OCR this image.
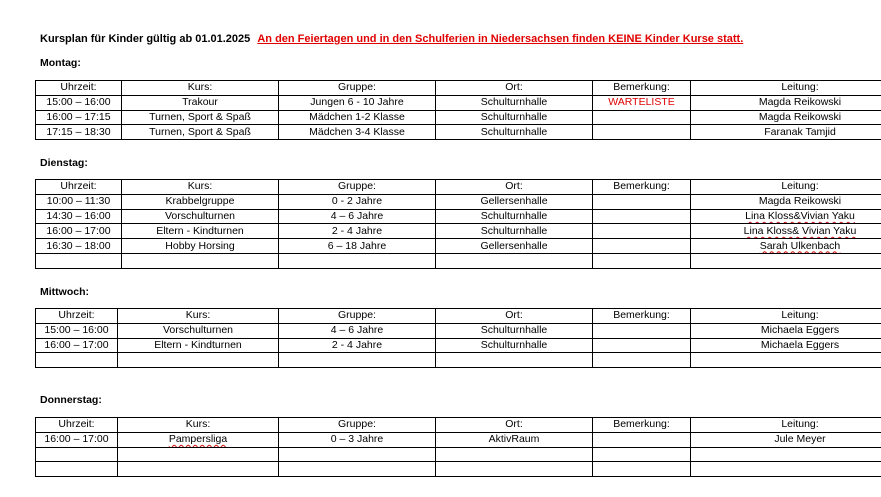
Kursplan für Kinder gültig ab 01.01.2025 An den Feiertagen und in den Schulferien in Niedersachsen finden KEINE Kinder Kurse statt.
Montag:
Uhrzeit:	Kurs:	Gruppe:	Ort:	Bemerkung:	Leitung:
15:00 – 16:00	Trakour	Jungen 6 - 10 Jahre	Schulturnhalle	WARTELISTE	Magda Reikowski
16:00 – 17:15	Turnen, Sport & Spaß	Mädchen 1-2 Klasse	Schulturnhalle		Magda Reikowski
17:15 – 18:30	Turnen, Sport & Spaß	Mädchen 3-4 Klasse	Schulturnhalle		Faranak Tamjid
Dienstag:
Uhrzeit:	Kurs:	Gruppe:	Ort:	Bemerkung:	Leitung:
10:00 – 11:30	Krabbelgruppe	0 - 2 Jahre	Gellersenhalle		Magda Reikowski
14:30 – 16:00	Vorschulturnen	4 – 6 Jahre	Schulturnhalle		Lina Kloss&Vivian Yaku
16:00 – 17:00	Eltern - Kindturnen	2 - 4 Jahre	Schulturnhalle		Lina Kloss& Vivian Yaku
16:30 – 18:00	Hobby Horsing	6 – 18 Jahre	Gellersenhalle		Sarah Ulkenbach

Mittwoch:
Uhrzeit:	Kurs:	Gruppe:	Ort:	Bemerkung:	Leitung:
15:00 – 16:00	Vorschulturnen	4 – 6 Jahre	Schulturnhalle		Michaela Eggers
16:00 – 17:00	Eltern - Kindturnen	2 - 4 Jahre	Schulturnhalle		Michaela Eggers

Donnerstag:
Uhrzeit:	Kurs:	Gruppe:	Ort:	Bemerkung:	Leitung:
16:00 – 17:00	Pampersliga	0 – 3 Jahre	AktivRaum		Jule Meyer
